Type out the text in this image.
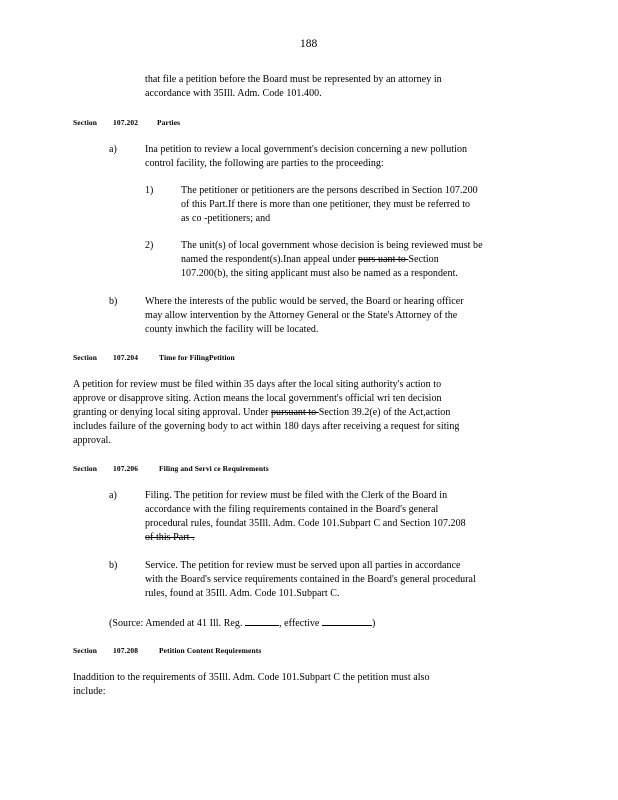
188
that file a petition before the Board must be represented by an attorney in
accordance with 35Ill. Adm. Code 101.400.
Section 107.202	Parties
a)	Ina petition to review a local government's decision concerning a new pollution
control facility, the following are parties to the proceeding:
1)	The petitioner or petitioners are the persons described in Section 107.200
of this Part.If there is more than one petitioner, they must be referred to
as co -petitioners; and
2)	The unit(s) of local government whose decision is being reviewed must be
named the respondent(s).Inan appeal under purs uant to Section
107.200(b), the siting applicant must also be named as a respondent.
b)	Where the interests of the public would be served, the Board or hearing officer
may allow intervention by the Attorney General or the State's Attorney of the
county inwhich the facility will be located.
Section 107.204	Time for FilingPetition
A petition for review must be filed within 35 days after the local siting authority's action to
approve or disapprove siting. Action means the local government's official wri ten decision
granting or denying local siting approval. Under pursuant to Section 39.2(e) of the Act,action
includes failure of the governing body to act within 180 days after receiving a request for siting
approval.
Section 107.206	Filing and Servi ce Requirements
a)	Filing. The petition for review must be filed with the Clerk of the Board in
accordance with the filing requirements contained in the Board's general
procedural rules, foundat 35Ill. Adm. Code 101.Subpart C and Section 107.208
of this Part .
b)	Service. The petition for review must be served upon all parties in accordance
with the Board's service requirements contained in the Board's general procedural
rules, found at 35Ill. Adm. Code 101.Subpart C.
(Source: Amended at 41 Ill. Reg.	, effective	)
Section 107.208	Petition Content Requirements
Inaddition to the requirements of 35Ill. Adm. Code 101.Subpart C the petition must also
include:
